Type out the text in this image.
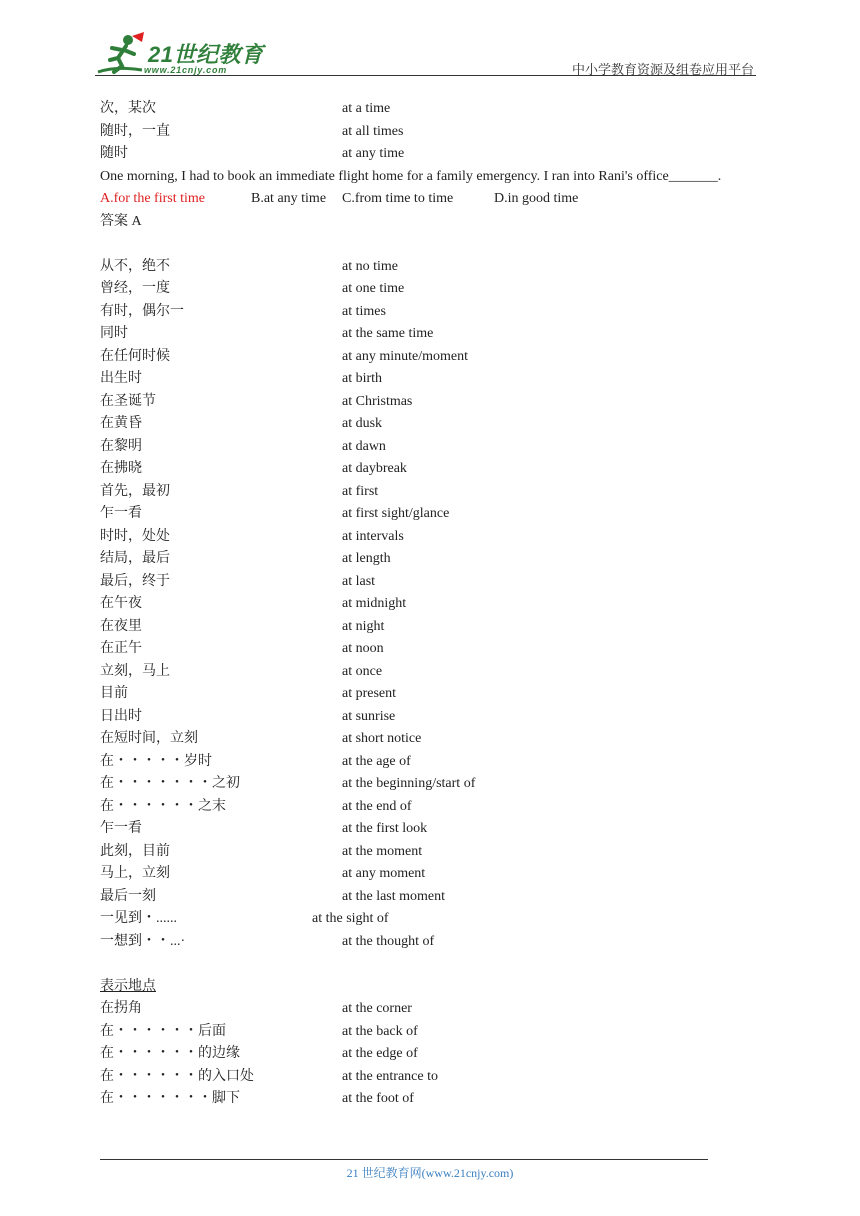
21世纪教育
www.21cnjy.com	中小学教育资源及组卷应用平台
次，某次	at a time
随时，一直	at all times
随时	at any time
One morning, I had to book an immediate flight home for a family emergency. I ran into Rani's office_______.
A.for the first time	B.at any time C.from time to time	D.in good time
答案 A
从不，绝不	at no time
曾经，一度	at one time
有时，偶尔一	at times
同时	at the same time
在任何时候	at any minute/moment
出生时	at birth
在圣诞节	at Christmas
在黄昏	at dusk
在黎明	at dawn
在拂晓	at daybreak
首先，最初	at first
乍一看	at first sight/glance
时时，处处	at intervals
结局，最后	at length
最后，终于	at last
在午夜	at midnight
在夜里	at night
在正午	at noon
立刻，马上	at once
目前	at present
日出时	at sunrise
在短时间，立刻	at short notice
在・・・・・岁时	at the age of
在・・・・・・・之初	at the beginning/start of
在・・・・・・之末	at the end of
乍一看	at the first look
此刻，目前	at the moment
马上，立刻	at any moment
最后一刻	at the last moment
一见到・......	at the sight of
一想到・・...·	at the thought of
表示地点
在拐角	at the corner
在・・・・・・后面	at the back of
在・・・・・・的边缘	at the edge of
在・・・・・・的入口处	at the entrance to
在・・・・・・・脚下	at the foot of
21 世纪教育网(www.21cnjy.com)
